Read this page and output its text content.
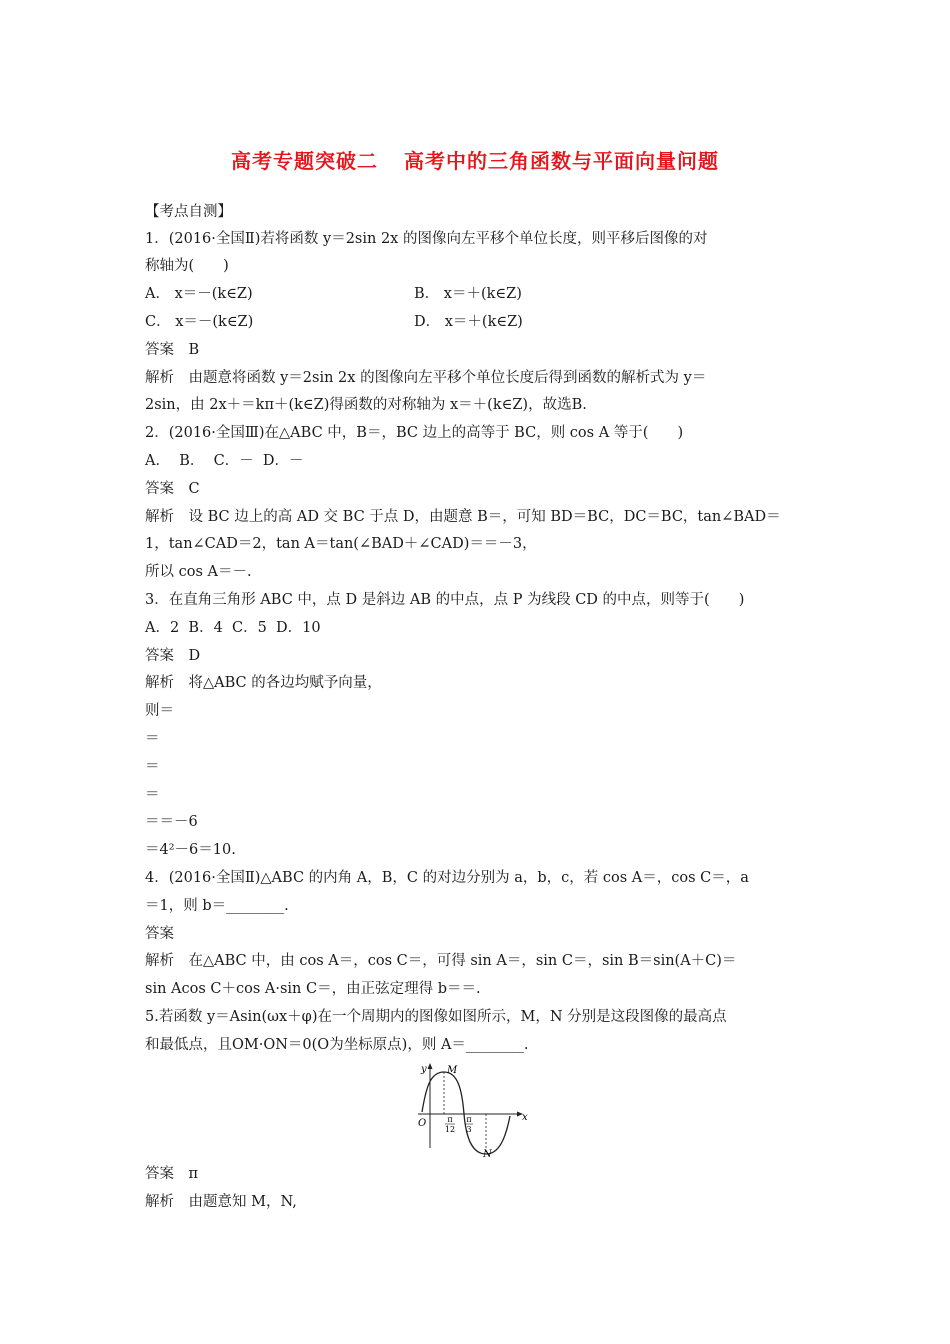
高考专题突破二 高考中的三角函数与平面向量问题
【考点自测】
1．(2016·全国Ⅱ)若将函数 y＝2sin 2x 的图像向左平移个单位长度，则平移后图像的对
称轴为(　　)
A． x＝－(k∈Z)	B． x＝＋(k∈Z)
C． x＝－(k∈Z)	D． x＝＋(k∈Z)
答案　B
解析　由题意将函数 y＝2sin 2x 的图像向左平移个单位长度后得到函数的解析式为 y＝
2sin，由 2x＋＝kπ＋(k∈Z)得函数的对称轴为 x＝＋(k∈Z)，故选B.
2．(2016·全国Ⅲ)在△ABC 中，B＝，BC 边上的高等于 BC，则 cos A 等于(　　)
A．  B．  C．－  D．－
答案　C
解析　设 BC 边上的高 AD 交 BC 于点 D，由题意 B＝，可知 BD＝BC，DC＝BC，tan∠BAD＝
1，tan∠CAD＝2，tan A＝tan(∠BAD＋∠CAD)＝＝－3，
所以 cos A＝－.
3．在直角三角形 ABC 中，点 D 是斜边 AB 的中点，点 P 为线段 CD 的中点，则等于(　　)
A．2  B．4  C．5  D．10
答案　D
解析　将△ABC 的各边均赋予向量，
则＝
＝
＝
＝
＝＝－6
＝4²－6＝10.
4．(2016·全国Ⅱ)△ABC 的内角 A，B，C 的对边分别为 a，b，c，若 cos A＝，cos C＝，a
＝1，则 b＝________.
答案
解析　在△ABC 中，由 cos A＝，cos C＝，可得 sin A＝，sin C＝，sin B＝sin(A＋C)＝
sin Acos C＋cos A·sin C＝，由正弦定理得 b＝＝.
5.若函数 y＝Asin(ωx＋φ)在一个周期内的图像如图所示，M，N 分别是这段图像的最高点
和最低点，且OM·ON＝0(O为坐标原点)，则 A＝________.
y
x
O
M
N
π
12
π
3
答案　π
解析　由题意知 M，N,
